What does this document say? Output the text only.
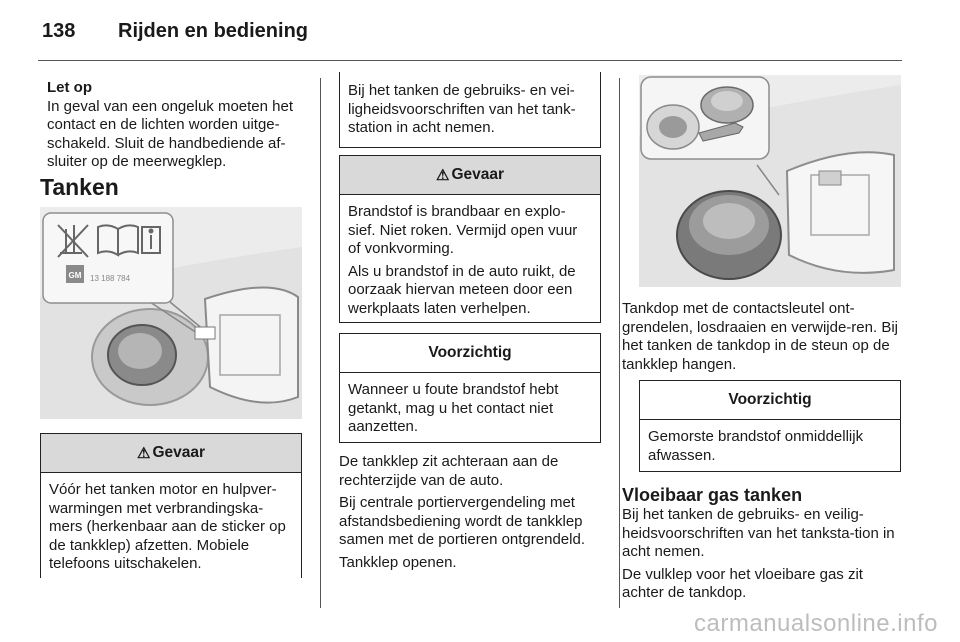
138 Rijden en bediening
Let op
In geval van een ongeluk moeten het contact en de lichten worden uitge-schakeld. Sluit de handbediende af-sluiter op de meerwegklep.
Tanken
GM 13 188 784
⚠ Gevaar

Vóór het tanken motor en hulpver-warmingen met verbrandingska-mers (herkenbaar aan de sticker op de tankklep) afzetten. Mobiele telefoons uitschakelen.

Bij het tanken de gebruiks- en vei-ligheidsvoorschriften van het tank-station in acht nemen.

⚠ Gevaar

Brandstof is brandbaar en explo-sief. Niet roken. Vermijd open vuur of vonkvorming.

Als u brandstof in de auto ruikt, de oorzaak hiervan meteen door een werkplaats laten verhelpen.

Voorzichtig

Wanneer u foute brandstof hebt getankt, mag u het contact niet aanzetten.

De tankklep zit achteraan aan de rechterzijde van de auto.

Bij centrale portiervergendeling met afstandsbediening wordt de tankklep samen met de portieren ontgrendeld.

Tankklep openen.

Tankdop met de contactsleutel ont-grendelen, losdraaien en verwijde-ren. Bij het tanken de tankdop in de steun op de tankklep hangen.

Voorzichtig

Gemorste brandstof onmiddellijk afwassen.

Vloeibaar gas tanken

Bij het tanken de gebruiks- en veilig-heidsvoorschriften van het tanksta-tion in acht nemen.

De vulklep voor het vloeibare gas zit achter de tankdop.

carmanualsonline.info
